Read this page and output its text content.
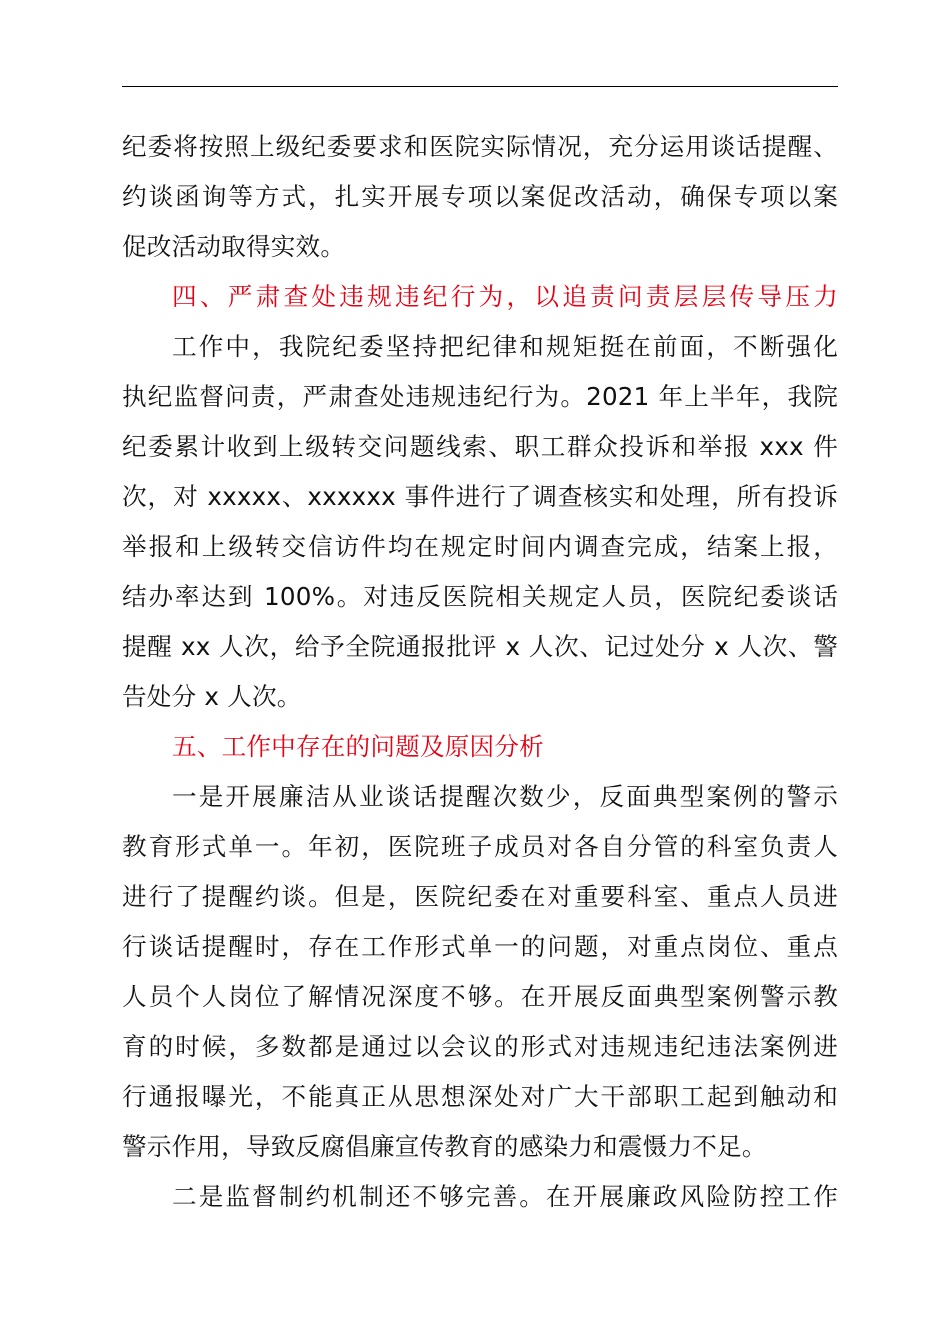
纪委将按照上级纪委要求和医院实际情况，充分运用谈话提醒、
约谈函询等方式，扎实开展专项以案促改活动，确保专项以案
促改活动取得实效。
四、严肃查处违规违纪行为，以追责问责层层传导压力
工作中，我院纪委坚持把纪律和规矩挺在前面，不断强化
执纪监督问责，严肃查处违规违纪行为。2021 年上半年，我院
纪委累计收到上级转交问题线索、职工群众投诉和举报 xxx 件
次，对 xxxxx、xxxxxx 事件进行了调查核实和处理，所有投诉
举报和上级转交信访件均在规定时间内调查完成，结案上报，
结办率达到 100%。对违反医院相关规定人员，医院纪委谈话
提醒 xx 人次，给予全院通报批评 x 人次、记过处分 x 人次、警
告处分 x 人次。
五、工作中存在的问题及原因分析
一是开展廉洁从业谈话提醒次数少，反面典型案例的警示
教育形式单一。年初，医院班子成员对各自分管的科室负责人
进行了提醒约谈。但是，医院纪委在对重要科室、重点人员进
行谈话提醒时，存在工作形式单一的问题，对重点岗位、重点
人员个人岗位了解情况深度不够。在开展反面典型案例警示教
育的时候，多数都是通过以会议的形式对违规违纪违法案例进
行通报曝光，不能真正从思想深处对广大干部职工起到触动和
警示作用，导致反腐倡廉宣传教育的感染力和震慑力不足。
二是监督制约机制还不够完善。在开展廉政风险防控工作
